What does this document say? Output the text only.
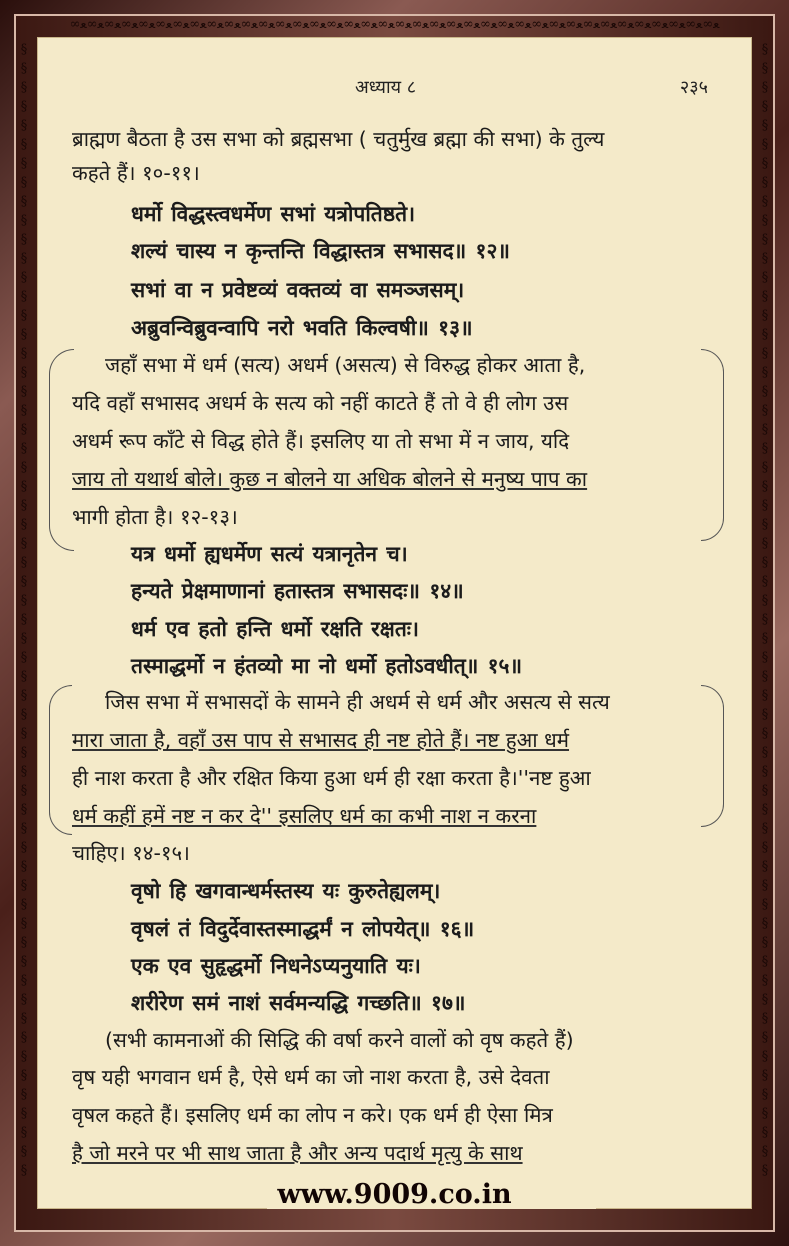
∞ﻌ∞ﻌ∞ﻌ∞ﻌ∞ﻌ∞ﻌ∞ﻌ∞ﻌ∞ﻌ∞ﻌ∞ﻌ∞ﻌ∞ﻌ∞ﻌ∞ﻌ∞ﻌ∞ﻌ∞ﻌ∞ﻌ∞ﻌ∞ﻌ∞ﻌ∞ﻌ∞ﻌ∞ﻌ∞ﻌ∞ﻌ∞ﻌ∞ﻌ∞ﻌ∞ﻌ∞ﻌ∞ﻌ∞ﻌ∞ﻌ∞ﻌ∞ﻌ∞ﻌ
§
§
§
§
§
§
§
§
§
§
§
§
§
§
§
§
§
§
§
§
§
§
§
§
§
§
§
§
§
§
§
§
§
§
§
§
§
§
§
§
§
§
§
§
§
§
§
§
§
§
§
§
§
§
§
§
§
§
§
§
§
§
§
§
§
§
§
§
§
§
§
§
§
§
§
§
§
§
§
§
§
§
§
§
§
§
§
§
§
§
§
§
§
§
§
§
§
§
§
§
§
§
§
§
§
§
§
§
§
§
§
§
§
§
§
§
§
§
§
§
अध्याय ८	२३५
ब्राह्मण बैठता है उस सभा को ब्रह्मसभा ( चतुर्मुख ब्रह्मा की सभा) के तुल्य
कहते हैं। १०-११।
धर्मो विद्धस्त्वधर्मेण सभां यत्रोपतिष्ठते।
शल्यं चास्य न कृन्तन्ति विद्धास्तत्र सभासद॥ १२॥
सभां वा न प्रवेष्टव्यं वक्तव्यं वा समञ्जसम्।
अब्रुवन्विब्रुवन्वापि नरो भवति किल्वषी॥ १३॥
जहाँ सभा में धर्म (सत्य) अधर्म (असत्य) से विरुद्ध होकर आता है,
यदि वहाँ सभासद अधर्म के सत्य को नहीं काटते हैं तो वे ही लोग उस
अधर्म रूप काँटे से विद्ध होते हैं। इसलिए या तो सभा में न जाय, यदि
जाय तो यथार्थ बोले। कुछ न बोलने या अधिक बोलने से मनुष्य पाप का
भागी होता है। १२-१३।
यत्र धर्मो ह्यधर्मेण सत्यं यत्रानृतेन च।
हन्यते प्रेक्षमाणानां हतास्तत्र सभासदः॥ १४॥
धर्म एव हतो हन्ति धर्मो रक्षति रक्षतः।
तस्माद्धर्मो न हंतव्यो मा नो धर्मो हतोऽवधीत्॥ १५॥
जिस सभा में सभासदों के सामने ही अधर्म से धर्म और असत्य से सत्य
मारा जाता है, वहाँ उस पाप से सभासद ही नष्ट होते हैं। नष्ट हुआ धर्म
ही नाश करता है और रक्षित किया हुआ धर्म ही रक्षा करता है।''नष्ट हुआ
धर्म कहीं हमें नष्ट न कर दे'' इसलिए धर्म का कभी नाश न करना
चाहिए। १४-१५।
वृषो हि खगवान्धर्मस्तस्य यः कुरुतेह्यलम्।
वृषलं तं विदुर्देवास्तस्माद्धर्मं न लोपयेत्॥ १६॥
एक एव सुहृद्धर्मो निधनेऽप्यनुयाति यः।
शरीरेण समं नाशं सर्वमन्यद्धि गच्छति॥ १७॥
(सभी कामनाओं की सिद्धि की वर्षा करने वालों को वृष कहते हैं)
वृष यही भगवान धर्म है, ऐसे धर्म का जो नाश करता है, उसे देवता
वृषल कहते हैं। इसलिए धर्म का लोप न करे। एक धर्म ही ऐसा मित्र
है जो मरने पर भी साथ जाता है और अन्य पदार्थ मृत्यु के साथ
www.9009.co.in
